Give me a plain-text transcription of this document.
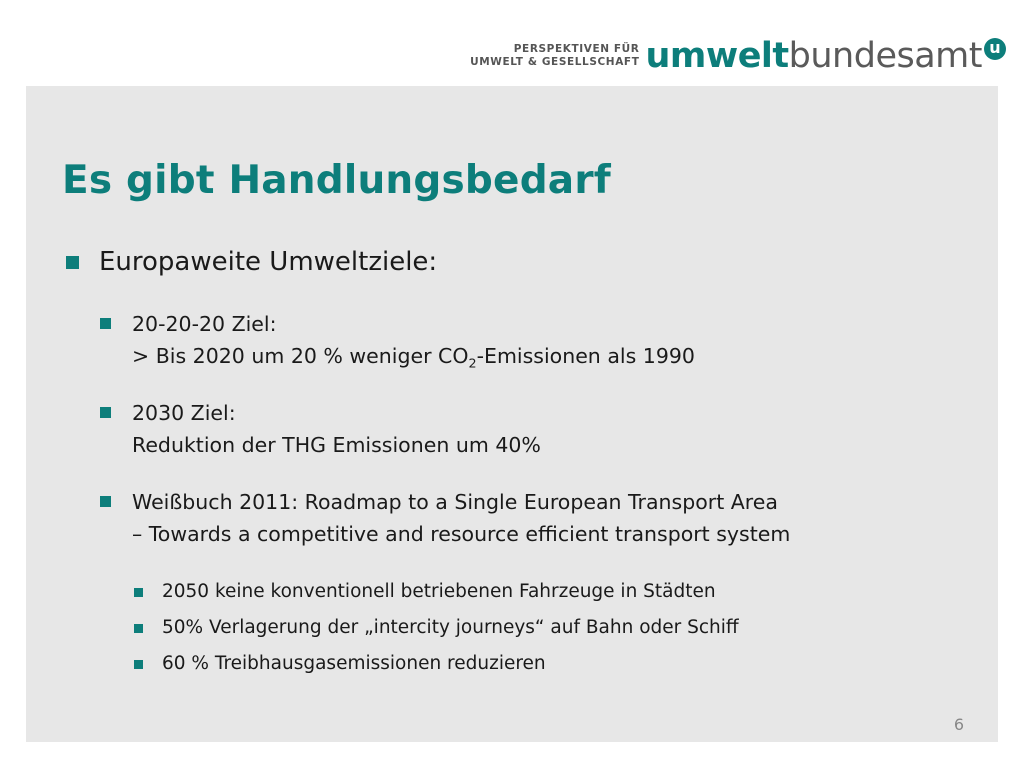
PERSPEKTIVEN FÜR
UMWELT & GESELLSCHAFT umweltbundesamt u
Es gibt Handlungsbedarf
Europaweite Umweltziele:
20-20-20 Ziel:
> Bis 2020 um 20 % weniger $CO_2$-Emissionen als 1990
2030 Ziel:
Reduktion der THG Emissionen um 40%
Weißbuch 2011: Roadmap to a Single European Transport Area
– Towards a competitive and resource efficient transport system
2050 keine konventionell betriebenen Fahrzeuge in Städten
50% Verlagerung der „intercity journeys“ auf Bahn oder Schiff
60 % Treibhausgasemissionen reduzieren
6
